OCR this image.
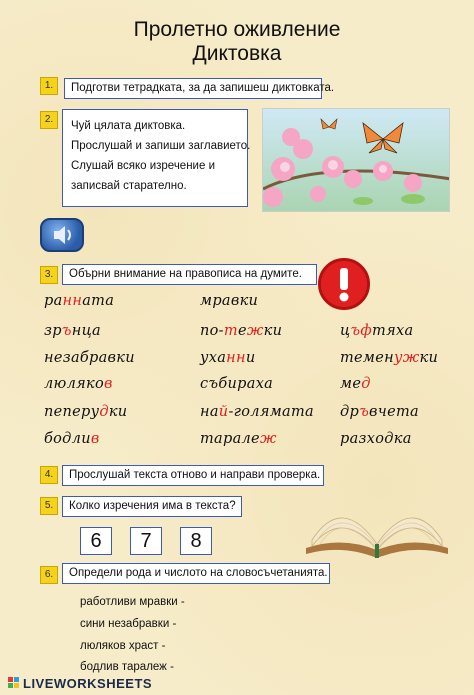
Пролетно оживление
Диктовка
1.	Подготви тетрадката, за да запишеш диктовката.
2.
Чуй цялата диктовка.
Прослушай и запиши заглавието.
Слушай всяко изречение и
записвай старателно.
3.	Обърни внимание на правописа на думите.
ранната	мравки
зрънца	по-тежки	цъфтяха
незабравки	уханни	теменужки
люляков	събираха	мед
пеперудки	най-голямата дръвчета
бодлив	таралеж	разходка
4.	Прослушай текста отново и направи проверка.
5.	Колко изречения има в текста?
6	7	8
6.	Определи рода и числото на словосъчетанията.
работливи мравки -
сини незабравки -
люляков храст -
бодлив таралеж -
LIVEWORKSHEETS
